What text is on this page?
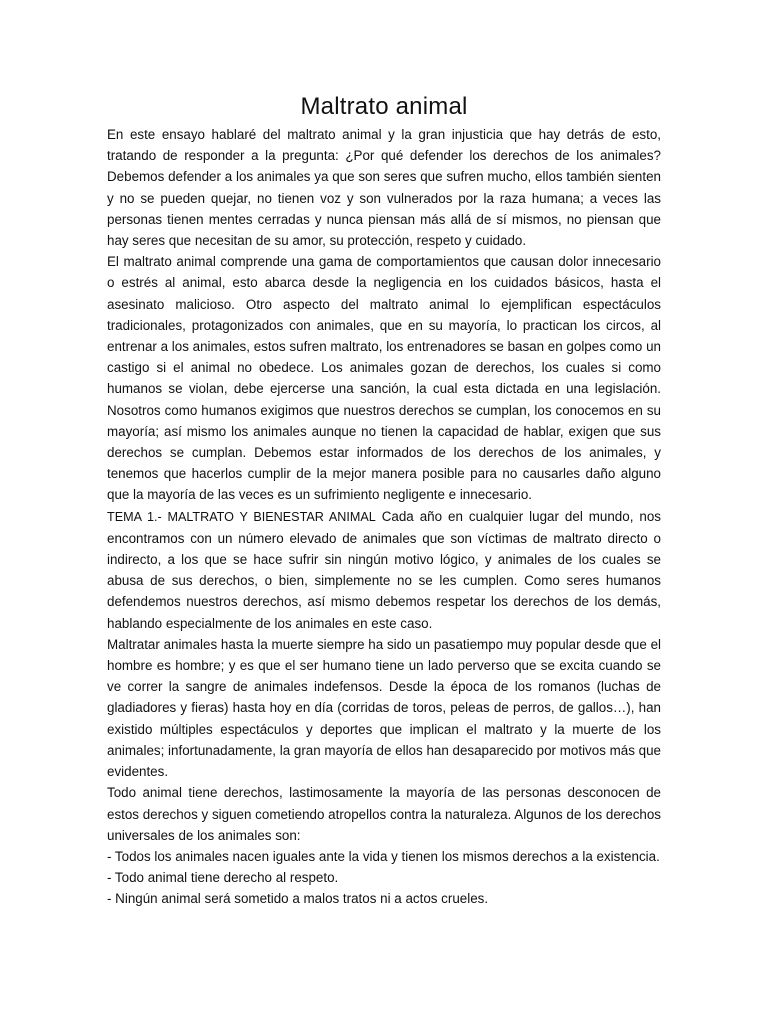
Maltrato animal

En este ensayo hablaré del maltrato animal y la gran injusticia que hay detrás de esto, tratando de responder a la pregunta: ¿Por qué defender los derechos de los animales? Debemos defender a los animales ya que son seres que sufren mucho, ellos también sienten y no se pueden quejar, no tienen voz y son vulnerados por la raza humana; a veces las personas tienen mentes cerradas y nunca piensan más allá de sí mismos, no piensan que hay seres que necesitan de su amor, su protección, respeto y cuidado.

El maltrato animal comprende una gama de comportamientos que causan dolor innecesario o estrés al animal, esto abarca desde la negligencia en los cuidados básicos, hasta el asesinato malicioso. Otro aspecto del maltrato animal lo ejemplifican espectáculos tradicionales, protagonizados con animales, que en su mayoría, lo practican los circos, al entrenar a los animales, estos sufren maltrato, los entrenadores se basan en golpes como un castigo si el animal no obedece. Los animales gozan de derechos, los cuales si como humanos se violan, debe ejercerse una sanción, la cual esta dictada en una legislación. Nosotros como humanos exigimos que nuestros derechos se cumplan, los conocemos en su mayoría; así mismo los animales aunque no tienen la capacidad de hablar, exigen que sus derechos se cumplan. Debemos estar informados de los derechos de los animales, y tenemos que hacerlos cumplir de la mejor manera posible para no causarles daño alguno que la mayoría de las veces es un sufrimiento negligente e innecesario.

TEMA 1.- MALTRATO Y BIENESTAR ANIMAL Cada año en cualquier lugar del mundo, nos encontramos con un número elevado de animales que son víctimas de maltrato directo o indirecto, a los que se hace sufrir sin ningún motivo lógico, y animales de los cuales se abusa de sus derechos, o bien, simplemente no se les cumplen. Como seres humanos defendemos nuestros derechos, así mismo debemos respetar los derechos de los demás, hablando especialmente de los animales en este caso.

Maltratar animales hasta la muerte siempre ha sido un pasatiempo muy popular desde que el hombre es hombre; y es que el ser humano tiene un lado perverso que se excita cuando se ve correr la sangre de animales indefensos. Desde la época de los romanos (luchas de gladiadores y fieras) hasta hoy en día (corridas de toros, peleas de perros, de gallos…), han existido múltiples espectáculos y deportes que implican el maltrato y la muerte de los animales; infortunadamente, la gran mayoría de ellos han desaparecido por motivos más que evidentes.

Todo animal tiene derechos, lastimosamente la mayoría de las personas desconocen de estos derechos y siguen cometiendo atropellos contra la naturaleza. Algunos de los derechos universales de los animales son:

- Todos los animales nacen iguales ante la vida y tienen los mismos derechos a la existencia.

- Todo animal tiene derecho al respeto.

- Ningún animal será sometido a malos tratos ni a actos crueles.
